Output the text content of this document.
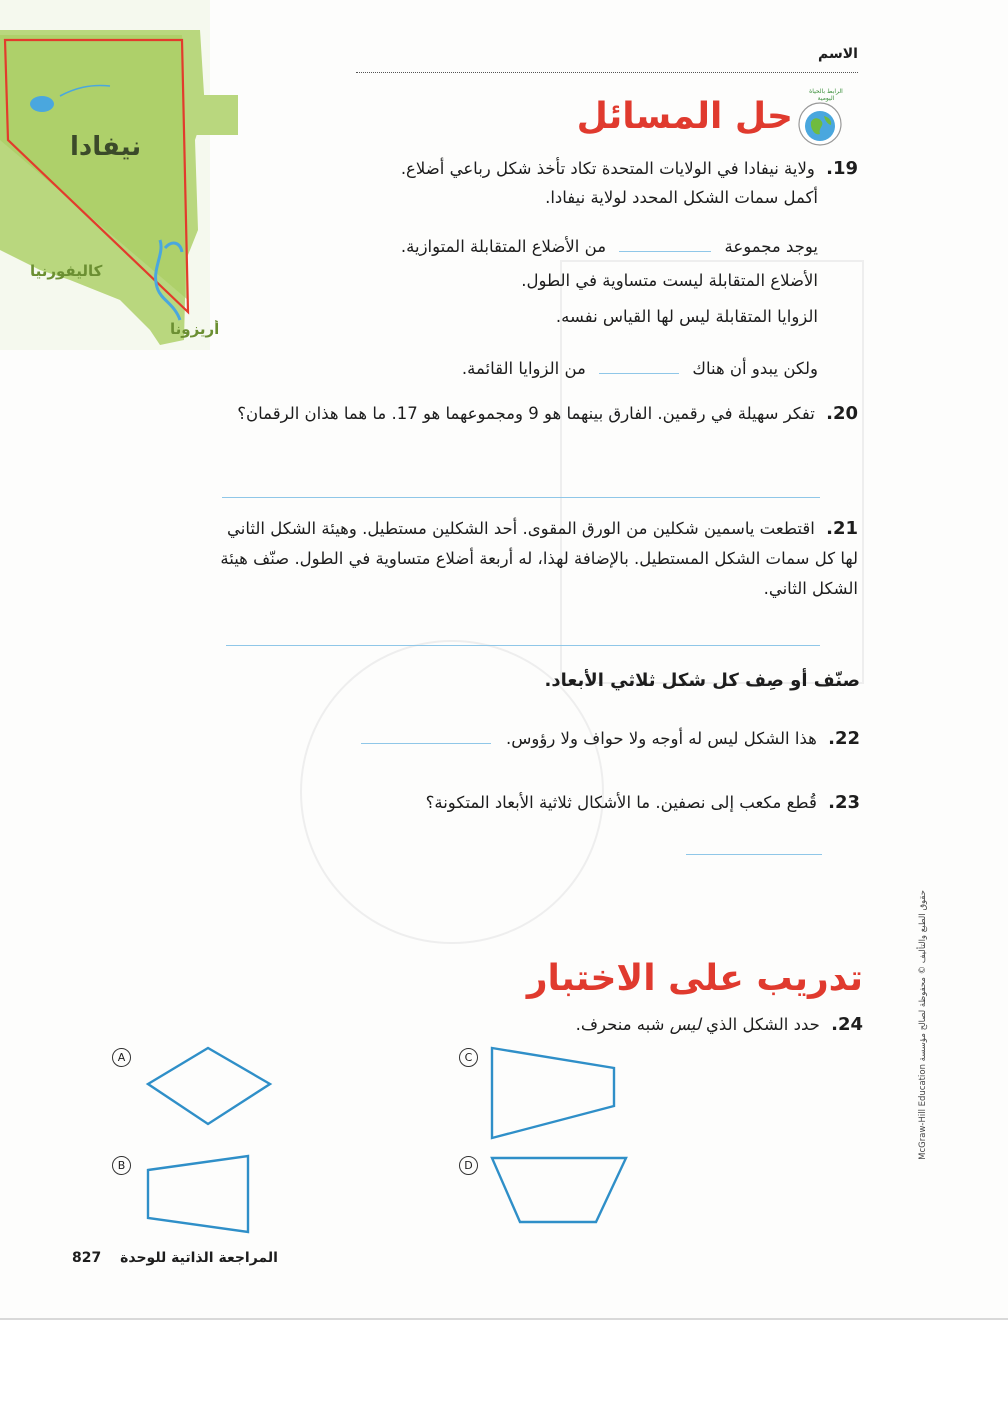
نيفادا
كاليفورنيا
أريزونا
الاسم
حل المسائل
الرابط بالحياة اليومية
19. ولاية نيفادا في الولايات المتحدة تكاد تأخذ شكل رباعي أضلاع.
أكمل سمات الشكل المحدد لولاية نيفادا.
يوجد مجموعة  من الأضلاع المتقابلة المتوازية.
الأضلاع المتقابلة ليست متساوية في الطول.
الزوايا المتقابلة ليس لها القياس نفسه.
ولكن يبدو أن هناك  من الزوايا القائمة.
20. تفكر سهيلة في رقمين. الفارق بينهما هو 9 ومجموعهما هو 17. ما هما هذان الرقمان؟
21. اقتطعت ياسمين شكلين من الورق المقوى. أحد الشكلين مستطيل. وهيئة الشكل الثاني لها كل سمات الشكل المستطيل. بالإضافة لهذا، له أربعة أضلاع متساوية في الطول. صنّف هيئة الشكل الثاني.
صنّف أو صِف كل شكل ثلاثي الأبعاد.
22. هذا الشكل ليس له أوجه ولا حواف ولا رؤوس.
23. قُطع مكعب إلى نصفين. ما الأشكال ثلاثية الأبعاد المتكونة؟
تدريب على الاختبار
24. حدد الشكل الذي ليس شبه منحرف.
A
B
C
D
827 المراجعة الذاتية للوحدة
حقوق الطبع والتأليف © محفوظة لصالح مؤسسة McGraw-Hill Education
